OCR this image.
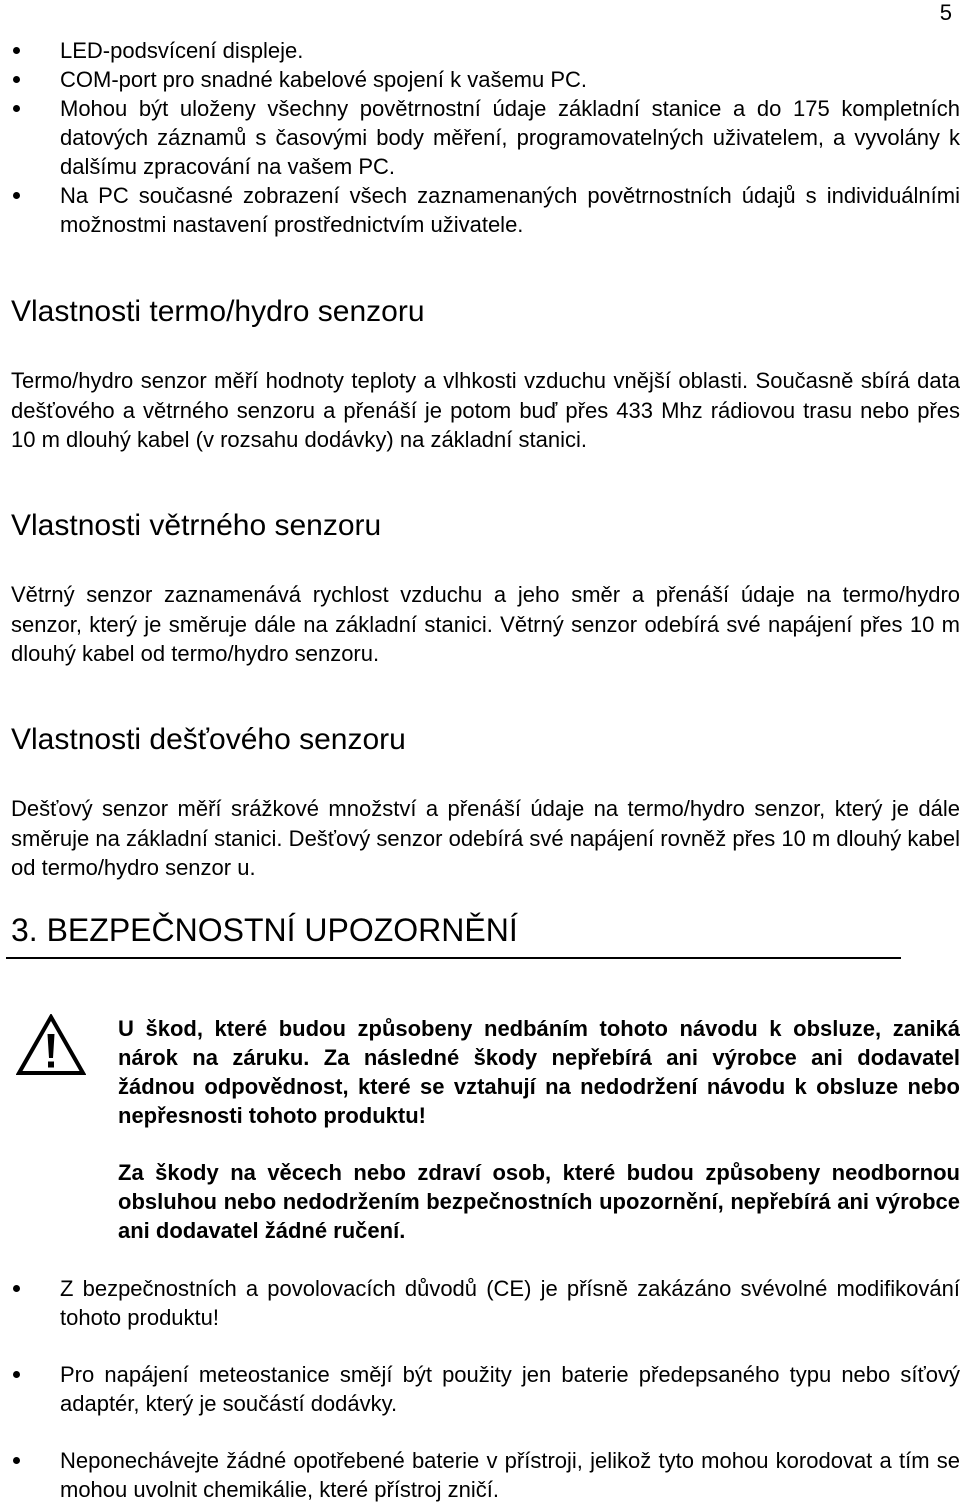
5
LED-podsvícení displeje.
COM-port pro snadné kabelové spojení k vašemu PC.
Mohou být uloženy všechny povětrnostní údaje základní stanice a do 175 kompletních datových záznamů s časovými body měření, programovatelných uživatelem, a vyvolány k dalšímu zpracování na vašem PC.
Na PC současné zobrazení všech zaznamenaných povětrnostních údajů s individuálními možnostmi nastavení prostřednictvím uživatele.
Vlastnosti termo/hydro senzoru

Termo/hydro senzor měří hodnoty teploty a vlhkosti vzduchu vnější oblasti. Současně sbírá data dešťového a větrného senzoru a přenáší je potom buď přes 433 Mhz rádiovou trasu nebo přes 10 m dlouhý kabel (v rozsahu dodávky) na základní stanici.

Vlastnosti větrného senzoru

Větrný senzor zaznamenává rychlost vzduchu a jeho směr a přenáší údaje na termo/hydro senzor, který je směruje dále na základní stanici. Větrný senzor odebírá své napájení přes 10 m dlouhý kabel od termo/hydro senzoru.

Vlastnosti dešťového senzoru

Dešťový senzor měří srážkové množství a přenáší údaje na termo/hydro senzor, který je dále směruje na základní stanici. Dešťový senzor odebírá své napájení rovněž přes 10 m dlouhý kabel od termo/hydro senzor u.

3. BEZPEČNOSTNÍ UPOZORNĚNÍ

U škod, které budou způsobeny nedbáním tohoto návodu k obsluze, zaniká nárok na záruku. Za následné škody nepřebírá ani výrobce ani dodavatel žádnou odpovědnost, které se vztahují na nedodržení návodu k obsluze nebo nepřesnosti tohoto produktu!

Za škody na věcech nebo zdraví osob, které budou způsobeny neodbornou obsluhou nebo nedodržením bezpečnostních upozornění, nepřebírá ani výrobce ani dodavatel žádné ručení.

Z bezpečnostních a povolovacích důvodů (CE) je přísně zakázáno svévolné modifikování tohoto produktu!
Pro napájení meteostanice smějí být použity jen baterie předepsaného typu nebo síťový adaptér, který je součástí dodávky.
Neponechávejte žádné opotřebené baterie v přístroji, jelikož tyto mohou korodovat a tím se mohou uvolnit chemikálie, které přístroj zničí.
